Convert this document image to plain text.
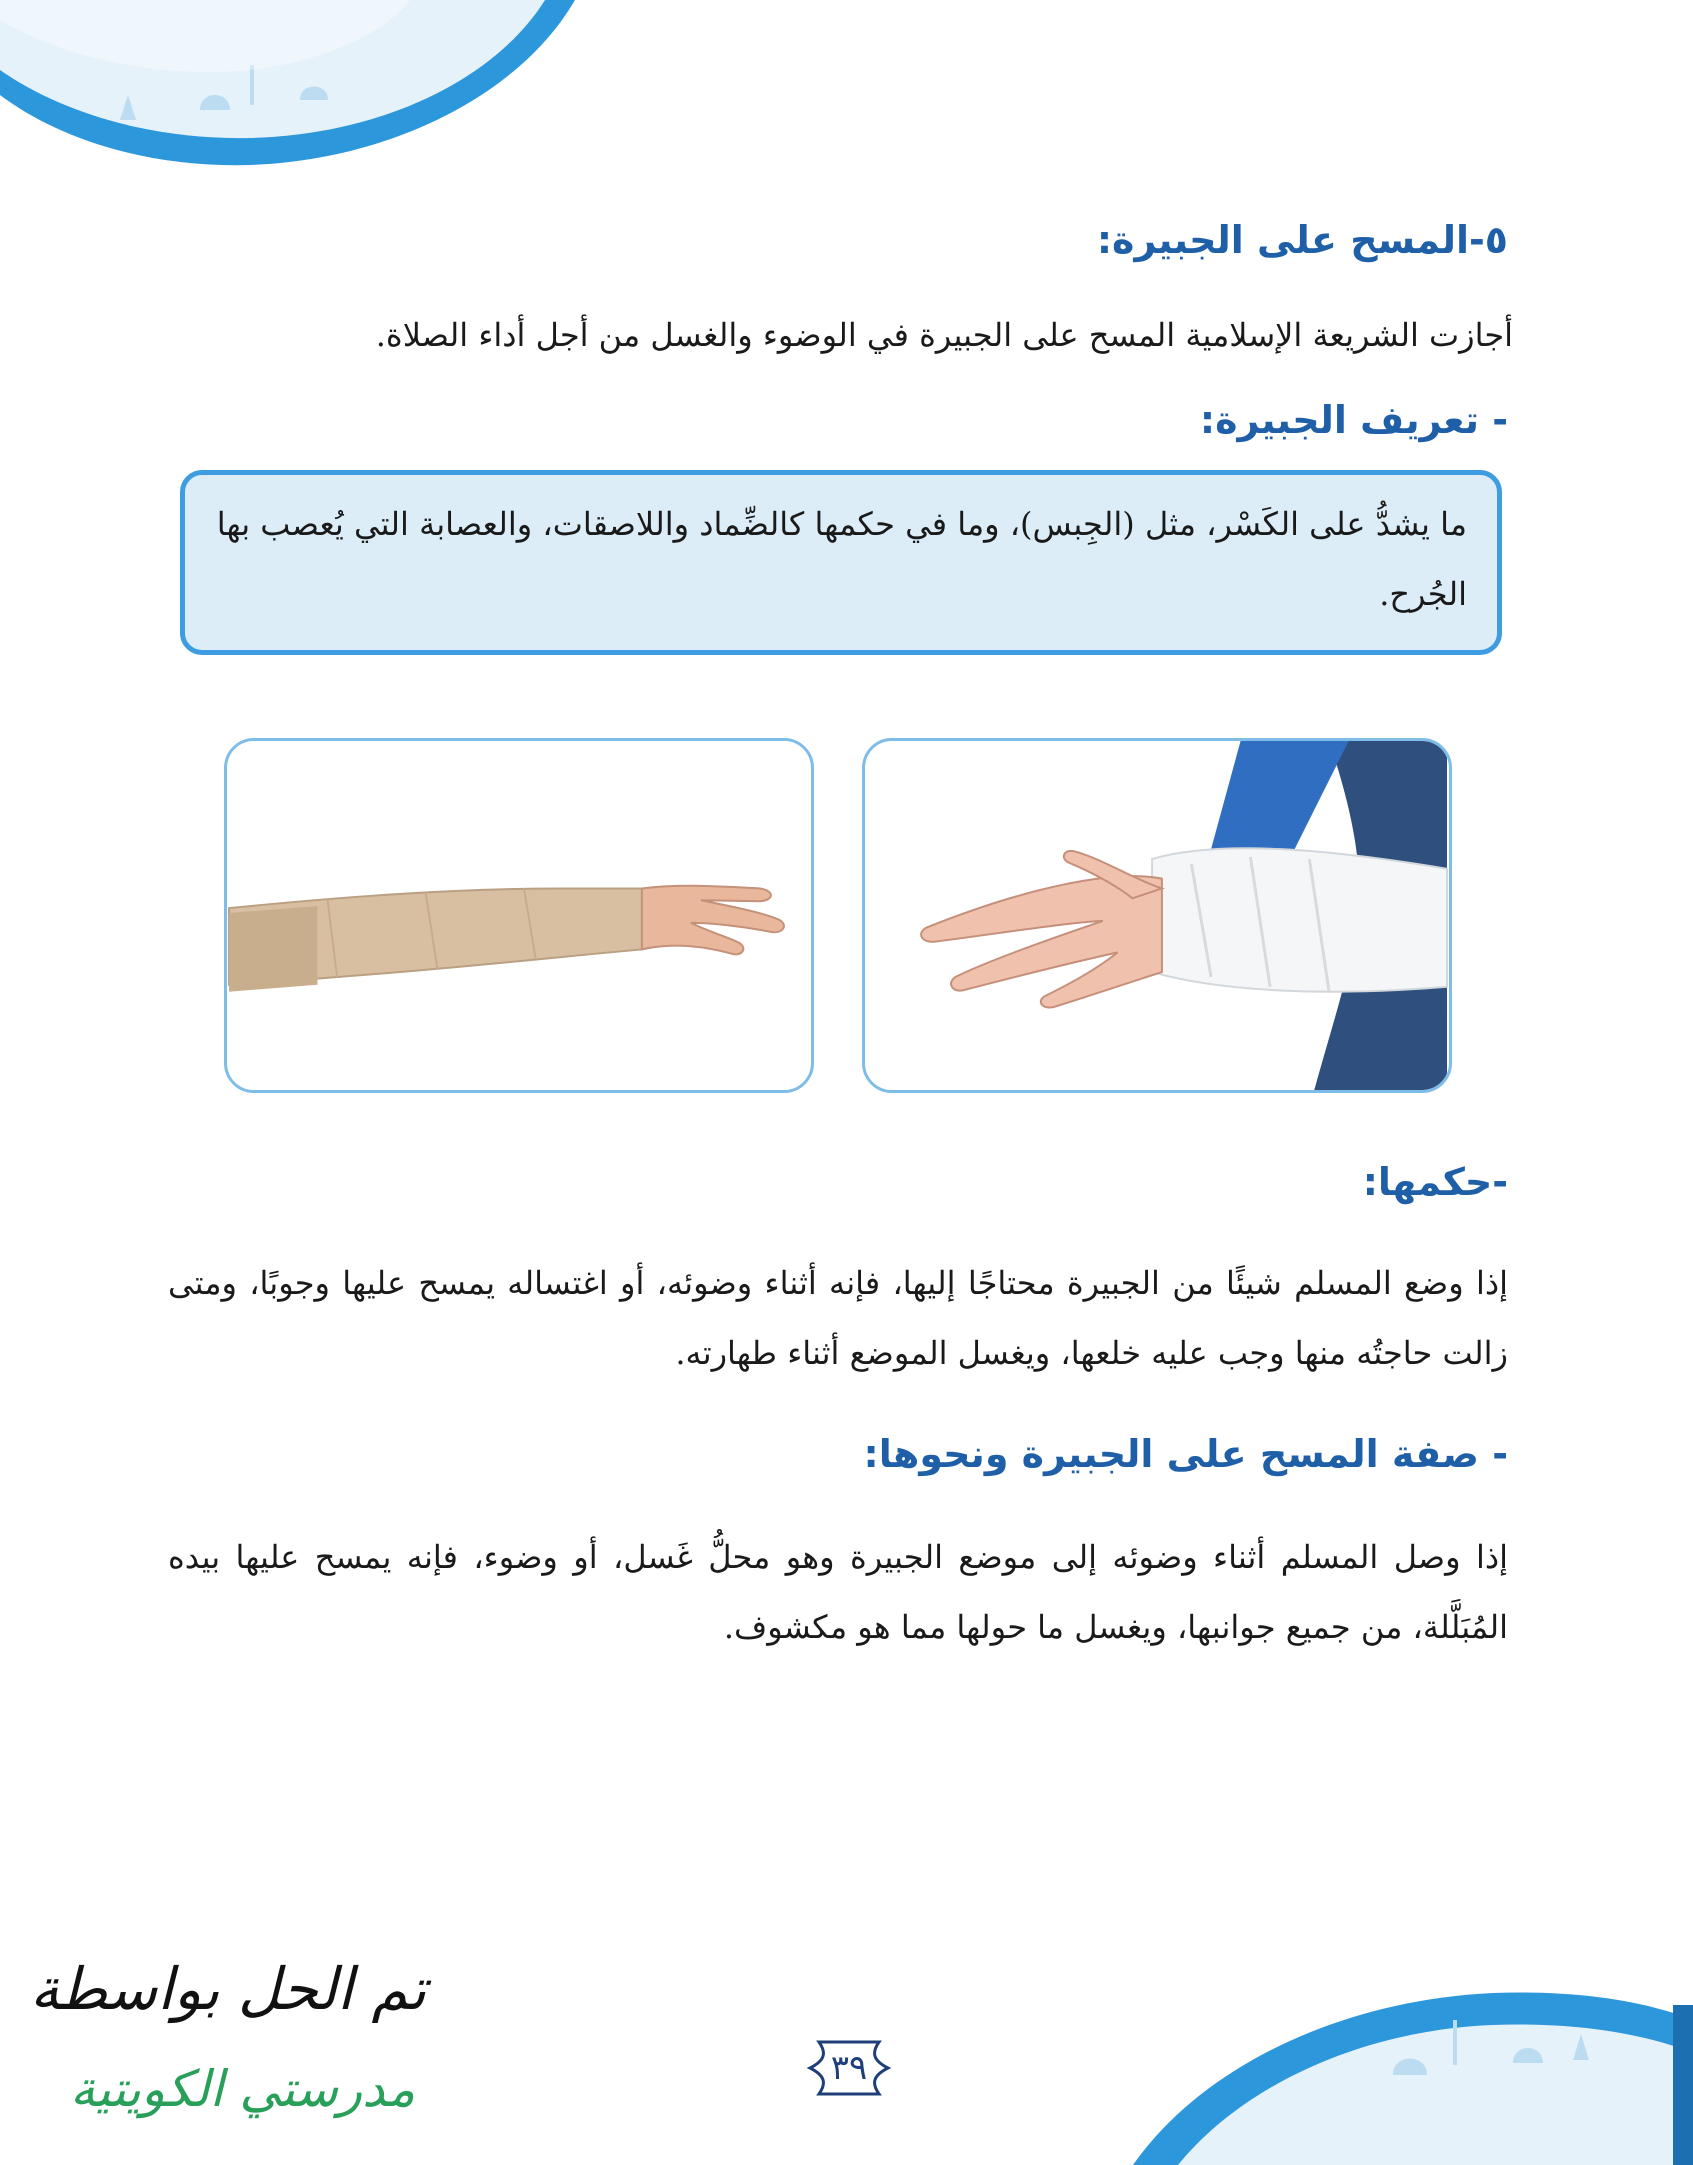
٥-المسح على الجبيرة:
أجازت الشريعة الإسلامية المسح على الجبيرة في الوضوء والغسل من أجل أداء الصلاة.
- تعريف الجبيرة:
ما يشدُّ على الكَسْر، مثل (الجِبس)، وما في حكمها كالضِّماد واللاصقات، والعصابة التي يُعصب بها الجُرح.
-حكمها:
إذا وضع المسلم شيئًا من الجبيرة محتاجًا إليها، فإنه أثناء وضوئه، أو اغتساله يمسح عليها وجوبًا، ومتى زالت حاجتُه منها وجب عليه خلعها، ويغسل الموضع أثناء طهارته.
- صفة المسح على الجبيرة ونحوها:
إذا وصل المسلم أثناء وضوئه إلى موضع الجبيرة وهو محلُّ غَسل، أو وضوء، فإنه يمسح عليها بيده المُبَلَّلة، من جميع جوانبها، ويغسل ما حولها مما هو مكشوف.
٣٩
تم الحل بواسطة
مدرستي الكويتية
